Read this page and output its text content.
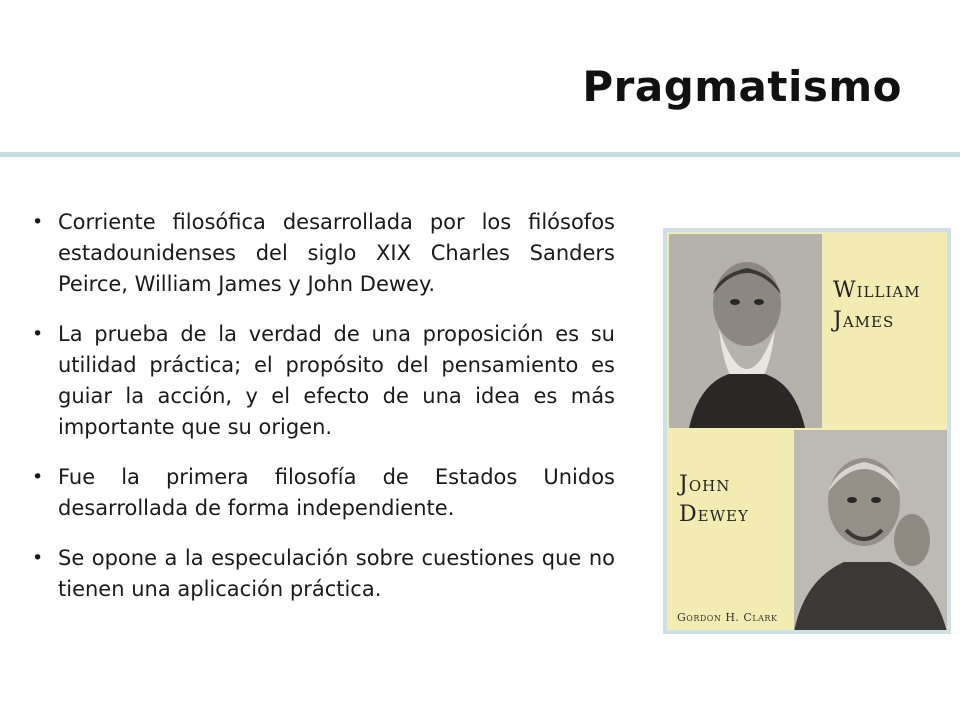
Pragmatismo
• Corriente filosófica desarrollada por los filósofos estadounidenses del siglo XIX Charles Sanders Peirce, William James y John Dewey.
• La prueba de la verdad de una proposición es su utilidad práctica; el propósito del pensamiento es guiar la acción, y el efecto de una idea es más importante que su origen.
• Fue la primera filosofía de Estados Unidos desarrollada de forma independiente.
• Se opone a la especulación sobre cuestiones que no tienen una aplicación práctica.
William
James
John
Dewey
Gordon H. Clark
